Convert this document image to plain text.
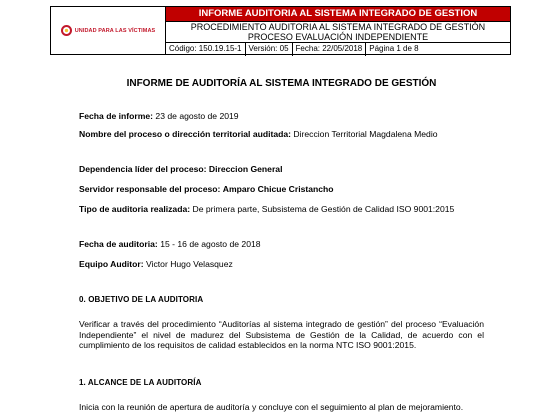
UNIDAD PARA LAS VÍCTIMAS
INFORME AUDITORIA AL SISTEMA INTEGRADO DE GESTION
PROCEDIMIENTO AUDITORIA AL SISTEMA INTEGRADO DE GESTIÓN
PROCESO EVALUACIÓN INDEPENDIENTE
Código: 150.19.15-1 Versión: 05 Fecha: 22/05/2018 Página 1 de 8
INFORME DE AUDITORÍA AL SISTEMA INTEGRADO DE GESTIÓN
Fecha de informe: 23 de agosto de 2019
Nombre del proceso o dirección territorial auditada: Direccion Territorial Magdalena Medio
Dependencia líder del proceso: Direccion General
Servidor responsable del proceso: Amparo Chicue Cristancho
Tipo de auditoria realizada: De primera parte, Subsistema de Gestión de Calidad ISO 9001:2015
Fecha de auditoria: 15 - 16 de agosto de 2018
Equipo Auditor: Victor Hugo Velasquez
0. OBJETIVO DE LA AUDITORIA
Verificar a través del procedimiento “Auditorías al sistema integrado de gestión” del proceso “Evaluación Independiente” el nivel de madurez del Subsistema de Gestión de la Calidad, de acuerdo con el cumplimiento de los requisitos de calidad establecidos en la norma NTC ISO 9001:2015.
1. ALCANCE DE LA AUDITORÍA
Inicia con la reunión de apertura de auditoría y concluye con el seguimiento al plan de mejoramiento.
